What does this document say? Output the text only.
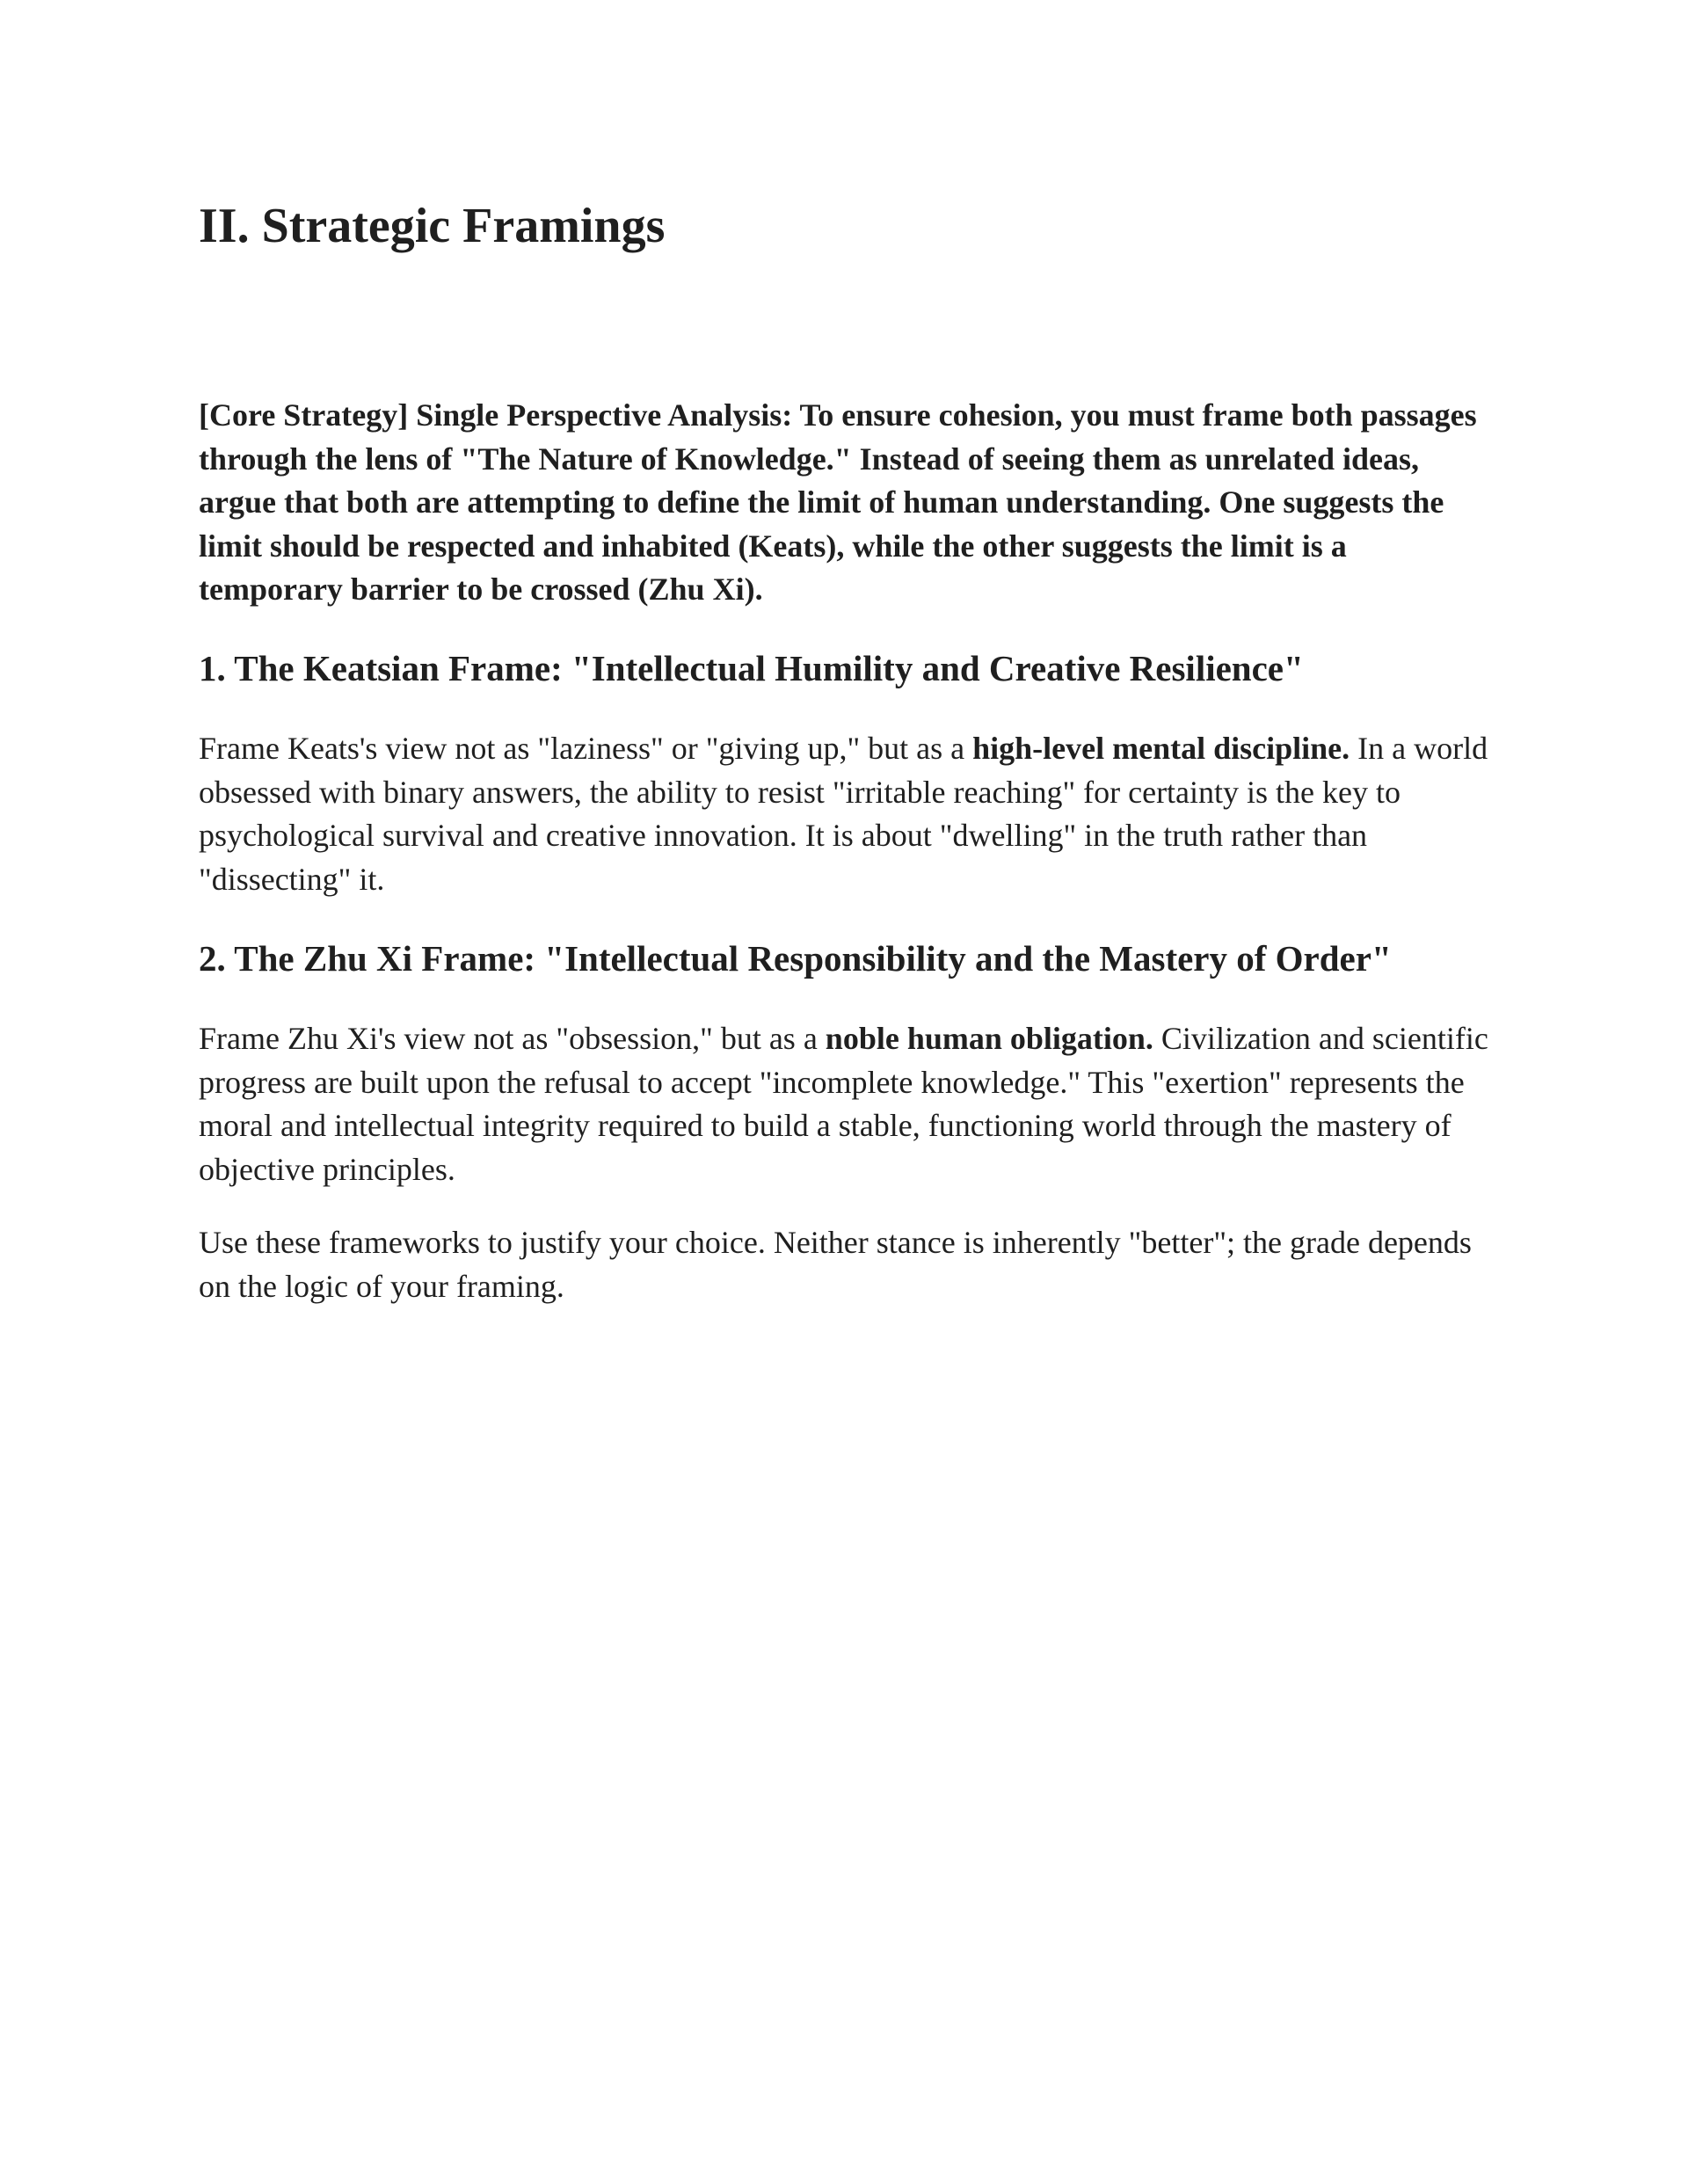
II. Strategic Framings

[Core Strategy] Single Perspective Analysis: To ensure cohesion, you must frame both passages through the lens of "The Nature of Knowledge." Instead of seeing them as unrelated ideas, argue that both are attempting to define the limit of human understanding. One suggests the limit should be respected and inhabited (Keats), while the other suggests the limit is a temporary barrier to be crossed (Zhu Xi).

1. The Keatsian Frame: "Intellectual Humility and Creative Resilience"

Frame Keats's view not as "laziness" or "giving up," but as a high-level mental discipline. In a world obsessed with binary answers, the ability to resist "irritable reaching" for certainty is the key to psychological survival and creative innovation. It is about "dwelling" in the truth rather than "dissecting" it.

2. The Zhu Xi Frame: "Intellectual Responsibility and the Mastery of Order"

Frame Zhu Xi's view not as "obsession," but as a noble human obligation. Civilization and scientific progress are built upon the refusal to accept "incomplete knowledge." This "exertion" represents the moral and intellectual integrity required to build a stable, functioning world through the mastery of objective principles.

Use these frameworks to justify your choice. Neither stance is inherently "better"; the grade depends on the logic of your framing.
